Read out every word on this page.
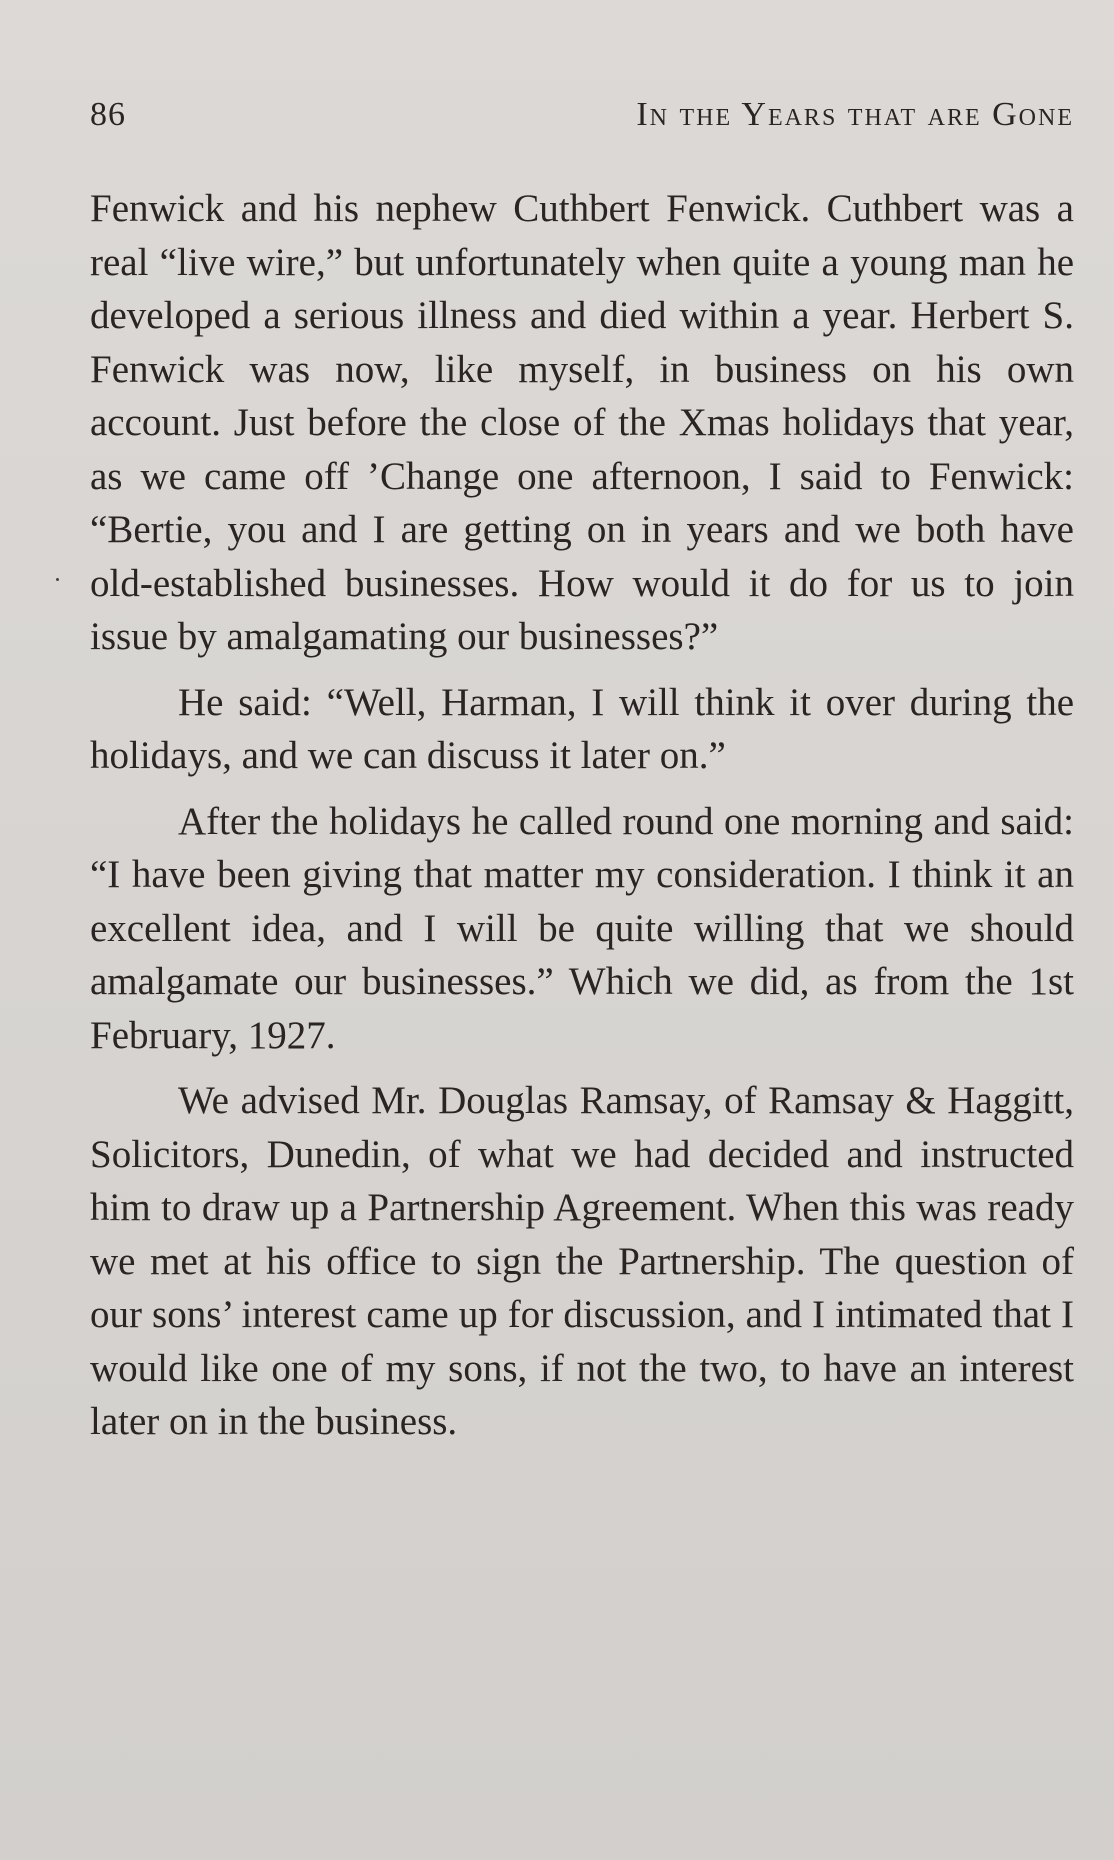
86	In the Years that are Gone

Fenwick and his nephew Cuthbert Fenwick. Cuthbert was a real “live wire,” but unfortunately when quite a young man he developed a serious illness and died within a year. Herbert S. Fenwick was now, like myself, in business on his own account. Just before the close of the Xmas holidays that year, as we came off ’Change one afternoon, I said to Fenwick: “Bertie, you and I are getting on in years and we both have old-established businesses. How would it do for us to join issue by amalgamating our businesses?”

He said: “Well, Harman, I will think it over during the holidays, and we can discuss it later on.”

After the holidays he called round one morning and said: “I have been giving that matter my consideration. I think it an excellent idea, and I will be quite willing that we should amalgamate our businesses.” Which we did, as from the 1st February, 1927.

We advised Mr. Douglas Ramsay, of Ramsay & Haggitt, Solicitors, Dunedin, of what we had decided and instructed him to draw up a Partnership Agreement. When this was ready we met at his office to sign the Partnership. The question of our sons’ interest came up for discussion, and I intimated that I would like one of my sons, if not the two, to have an interest later on in the business.
